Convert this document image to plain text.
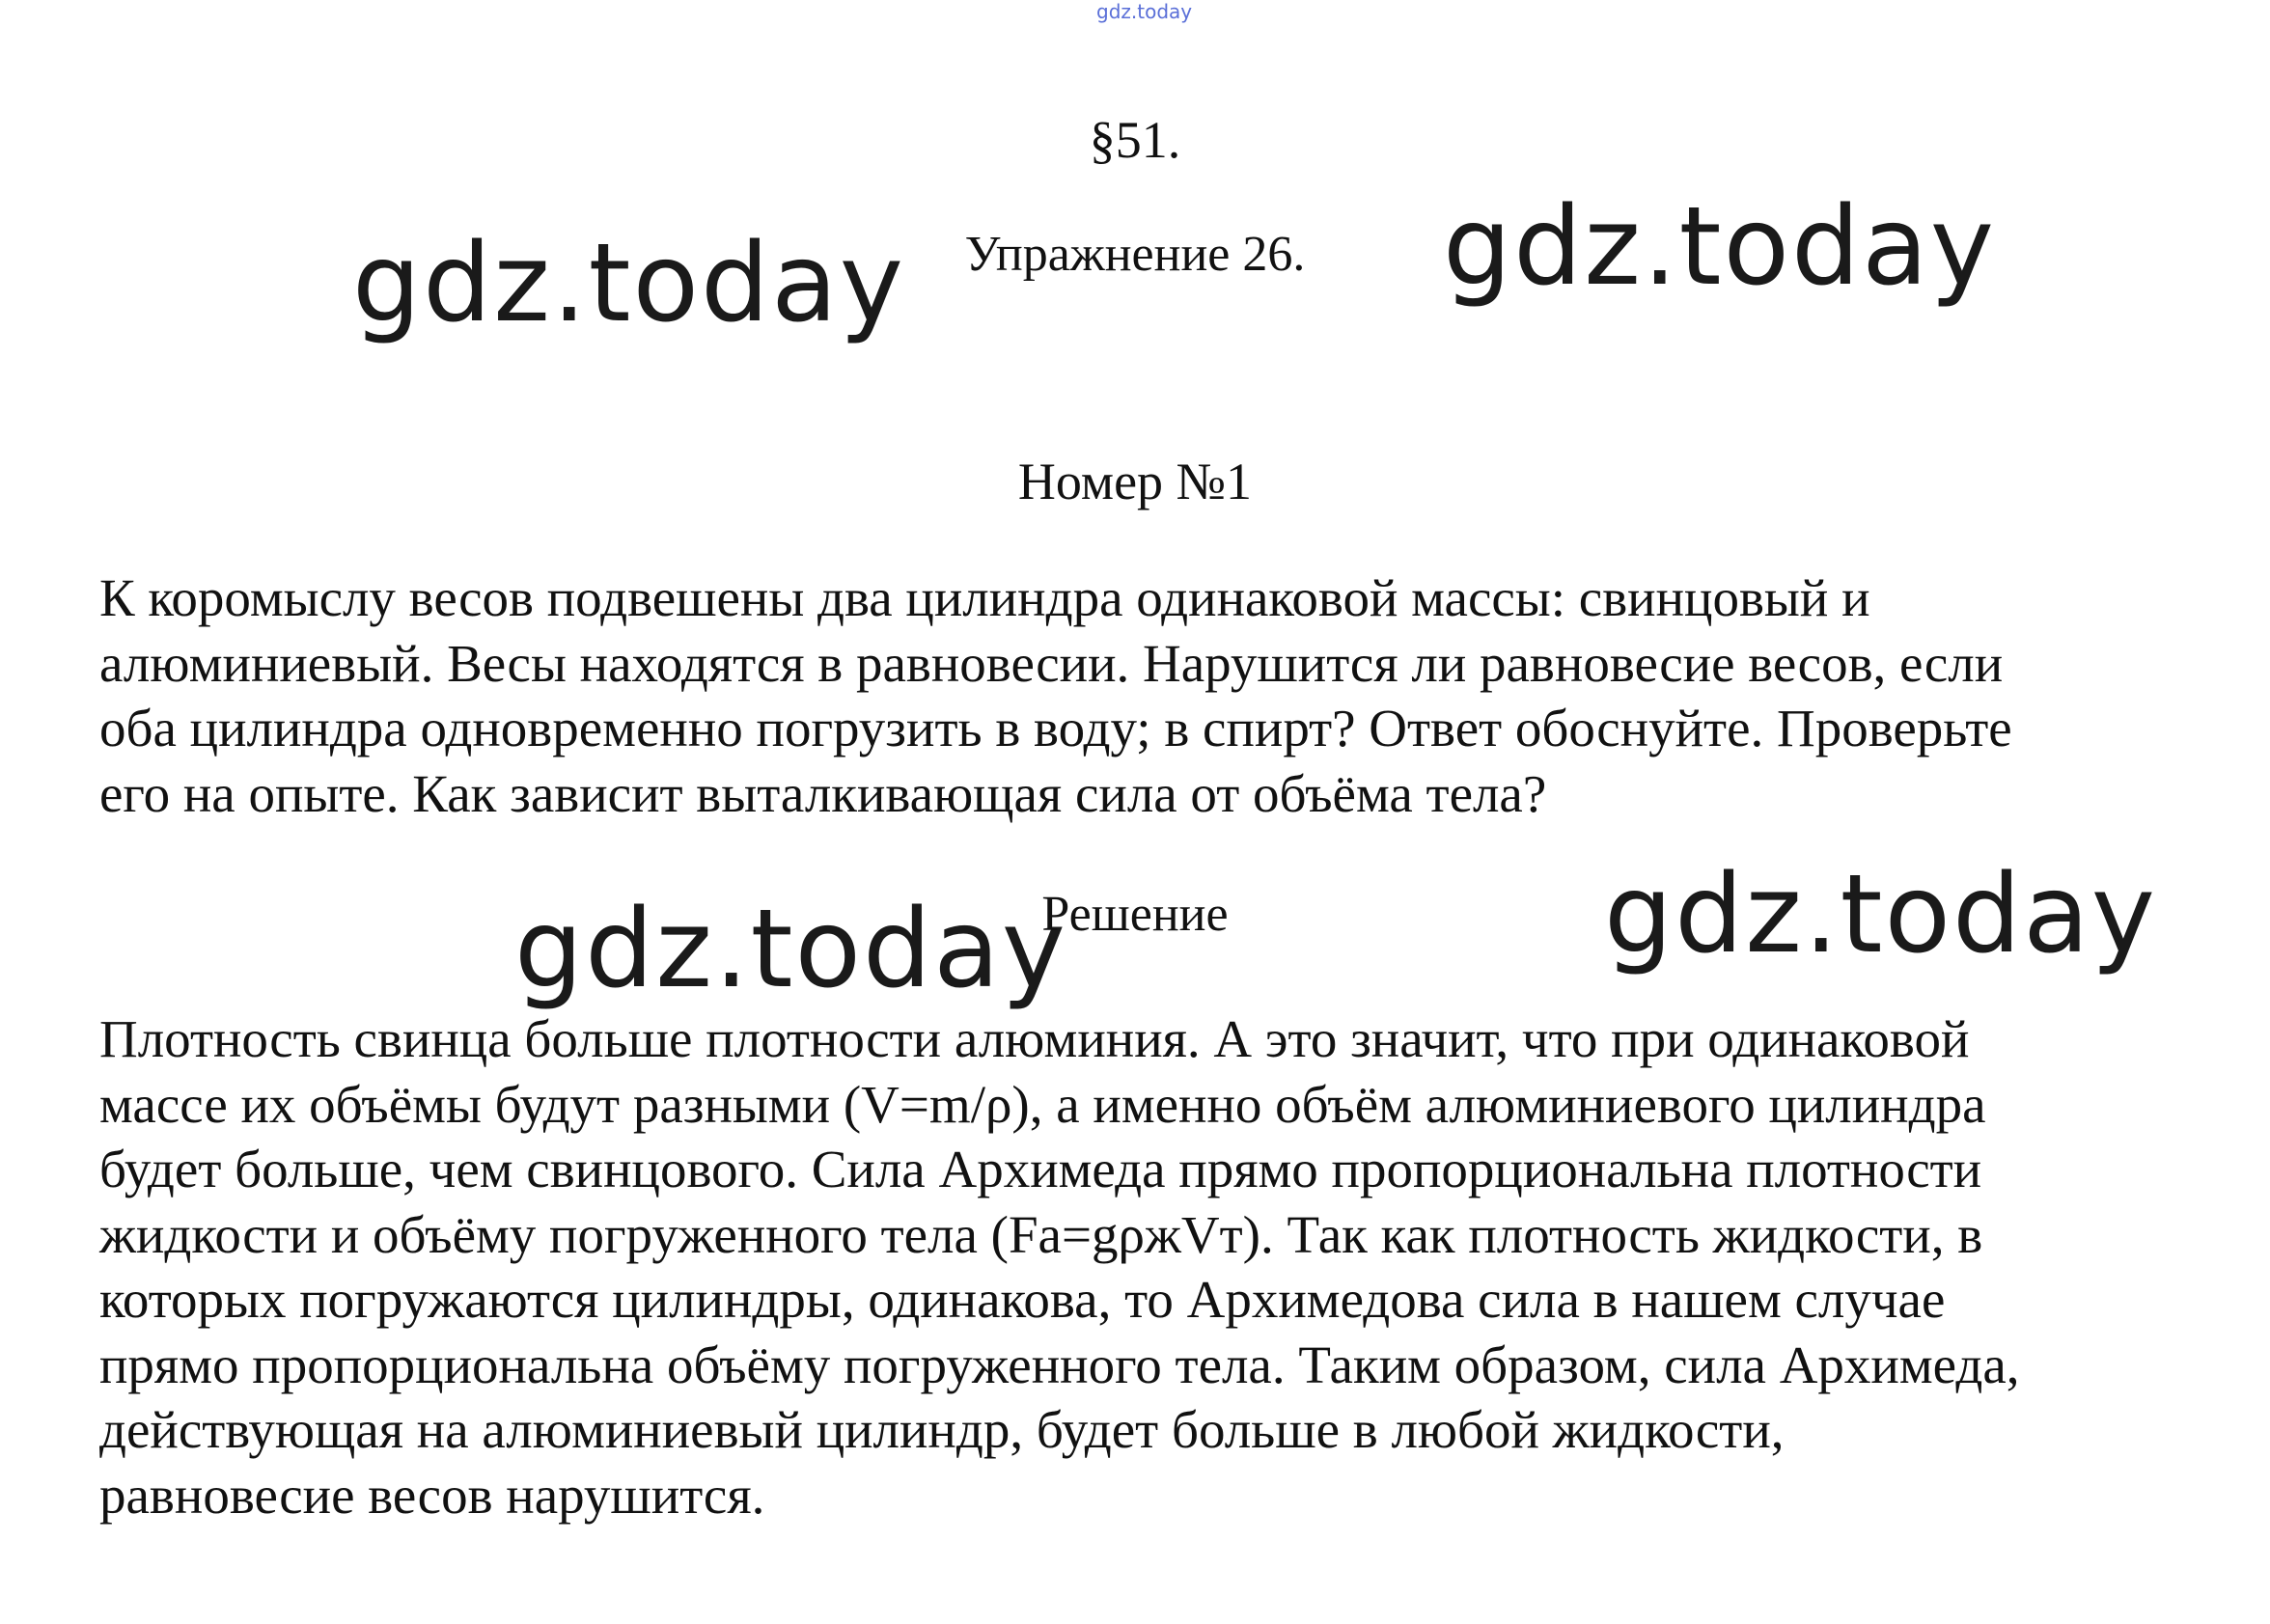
gdz.today
§51.
Упражнение 26.
gdz.today	gdz.today
Номер №1
К коромыслу весов подвешены два цилиндра одинаковой массы: свинцовый и
алюминиевый. Весы находятся в равновесии. Нарушится ли равновесие весов, если
оба цилиндра одновременно погрузить в воду; в спирт? Ответ обоснуйте. Проверьте
его на опыте. Как зависит выталкивающая сила от объёма тела?
gdz.today	gdz.today
Решение
Плотность свинца больше плотности алюминия. А это значит, что при одинаковой
массе их объёмы будут разными (V=m/ρ), а именно объём алюминиевого цилиндра
будет больше, чем свинцового. Сила Архимеда прямо пропорциональна плотности
жидкости и объёму погруженного тела (Fa=gρжVт). Так как плотность жидкости, в
которых погружаются цилиндры, одинакова, то Архимедова сила в нашем случае
прямо пропорциональна объёму погруженного тела. Таким образом, сила Архимеда,
действующая на алюминиевый цилиндр, будет больше в любой жидкости,
равновесие весов нарушится.
